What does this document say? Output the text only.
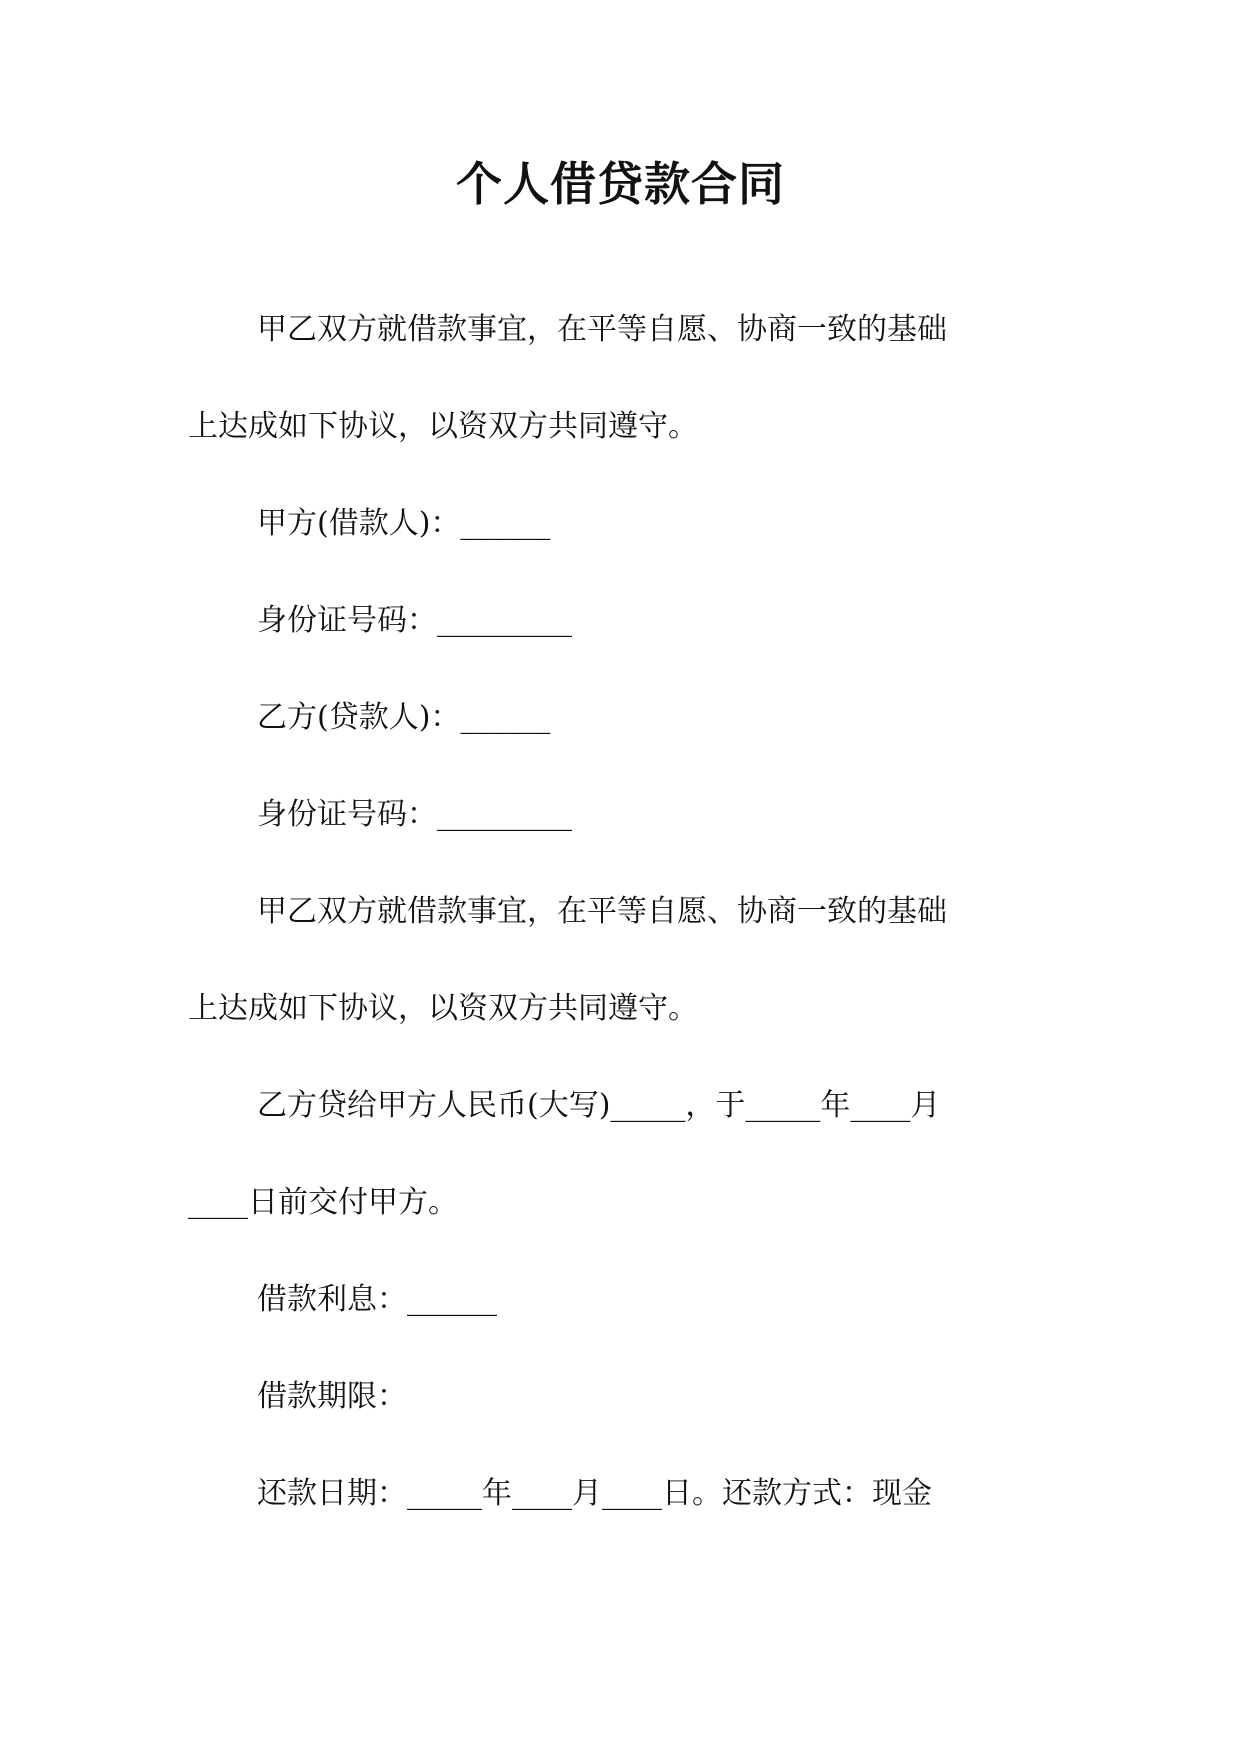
个人借贷款合同
甲乙双方就借款事宜，在平等自愿、协商一致的基础
上达成如下协议，以资双方共同遵守。
甲方(借款人)：______
身份证号码：_________
乙方(贷款人)：______
身份证号码：_________
甲乙双方就借款事宜，在平等自愿、协商一致的基础
上达成如下协议，以资双方共同遵守。
乙方贷给甲方人民币(大写)_____，于_____年____月
____日前交付甲方。
借款利息：______
借款期限：
还款日期：_____年____月____日。还款方式：现金
